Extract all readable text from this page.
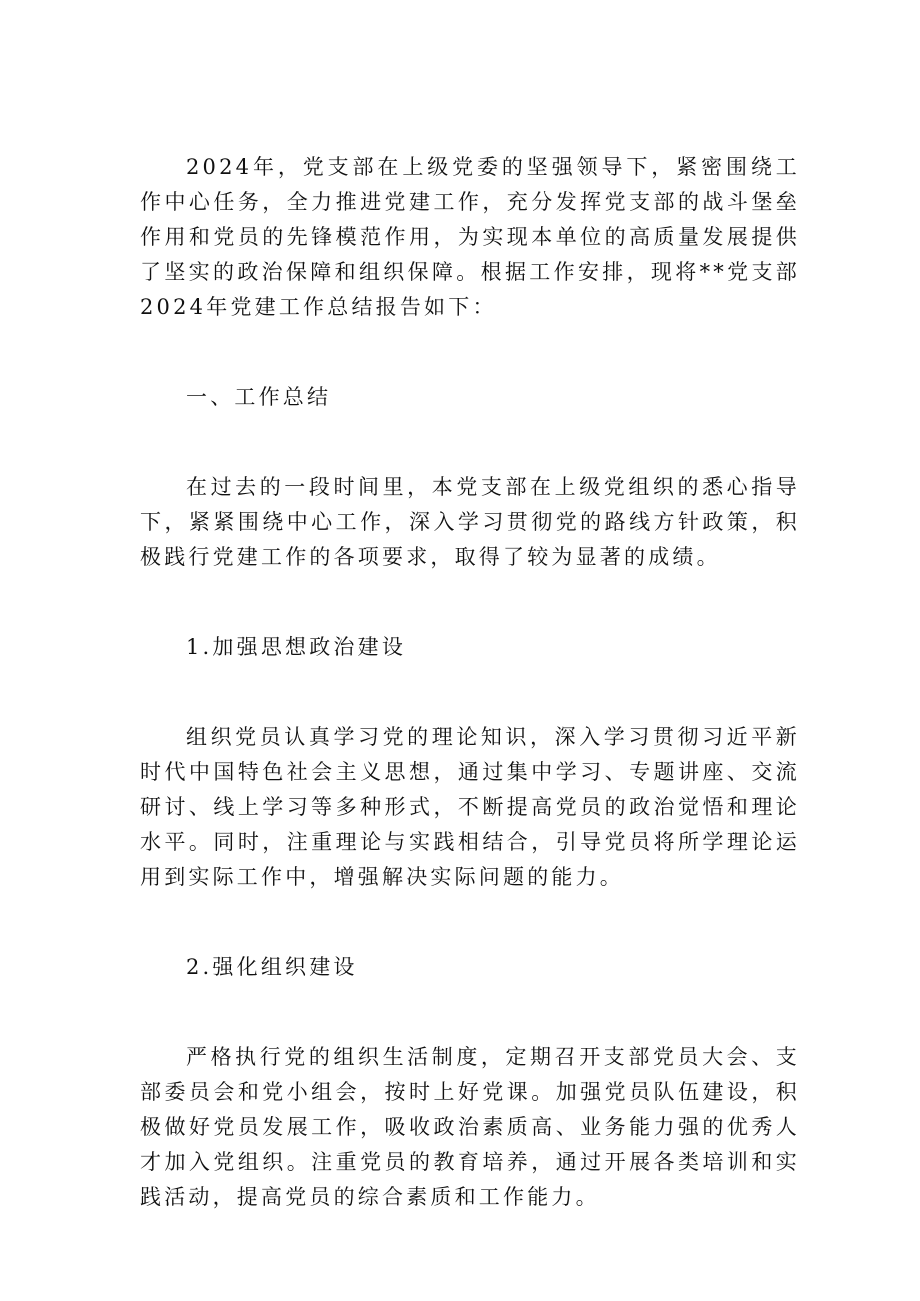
2024年，党支部在上级党委的坚强领导下，紧密围绕工作中心任务，全力推进党建工作，充分发挥党支部的战斗堡垒作用和党员的先锋模范作用，为实现本单位的高质量发展提供了坚实的政治保障和组织保障。根据工作安排，现将**党支部2024年党建工作总结报告如下：

一、工作总结

在过去的一段时间里，本党支部在上级党组织的悉心指导下，紧紧围绕中心工作，深入学习贯彻党的路线方针政策，积极践行党建工作的各项要求，取得了较为显著的成绩。

1.加强思想政治建设

组织党员认真学习党的理论知识，深入学习贯彻习近平新时代中国特色社会主义思想，通过集中学习、专题讲座、交流研讨、线上学习等多种形式，不断提高党员的政治觉悟和理论水平。同时，注重理论与实践相结合，引导党员将所学理论运用到实际工作中，增强解决实际问题的能力。

2.强化组织建设

严格执行党的组织生活制度，定期召开支部党员大会、支部委员会和党小组会，按时上好党课。加强党员队伍建设，积极做好党员发展工作，吸收政治素质高、业务能力强的优秀人才加入党组织。注重党员的教育培养，通过开展各类培训和实践活动，提高党员的综合素质和工作能力。
